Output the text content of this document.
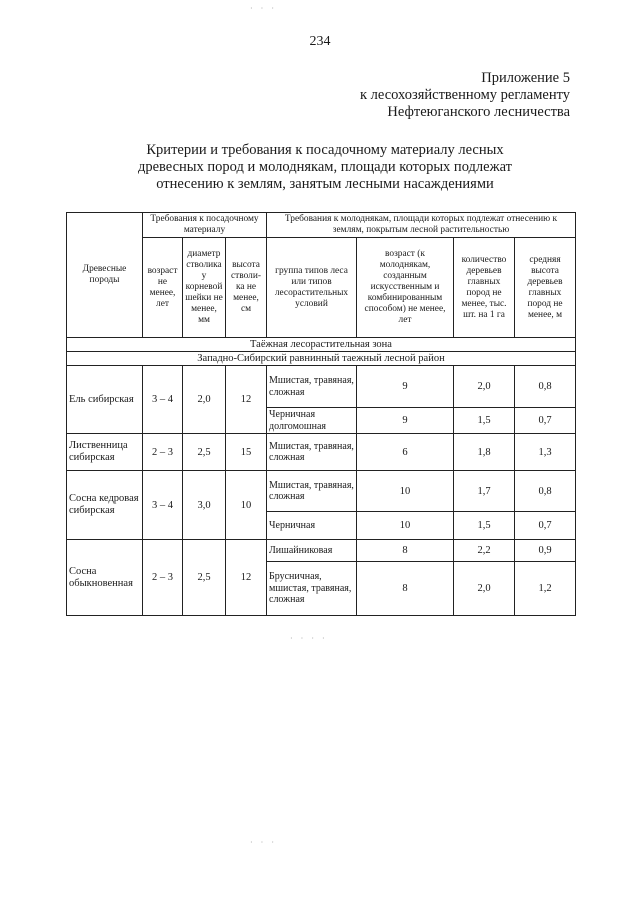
234
Приложение 5
к лесохозяйственному регламенту
Нефтеюганского лесничества
Критерии и требования к посадочному материалу лесных
древесных пород и молоднякам, площади которых подлежат
отнесению к землям, занятым лесными насаждениями
Древесные породы	Требования к посадочному материалу			Требования к молоднякам, площади которых подлежат отнесению к землям, покрытым лесной растительностью			
	возраст не менее, лет	диаметр стволика у корневой шейки не менее, мм	высота стволи-ка не менее, см	группа типов леса или типов лесорастительных условий	возраст (к молоднякам, созданным искусственным и комбинированным способом) не менее, лет	количество деревьев главных пород не менее, тыс. шт. на 1 га	средняя высота деревьев главных пород не менее, м
Таёжная лесорастительная зона							
Западно-Сибирский равнинный таежный лесной район							
Ель сибирская	3 – 4	2,0	12	Мшистая, травяная, сложная	9	2,0	0,8
				Черничная долгомошная	9	1,5	0,7
Лиственница сибирская	2 – 3	2,5	15	Мшистая, травяная, сложная	6	1,8	1,3
Сосна кедровая сибирская	3 – 4	3,0	10	Мшистая, травяная, сложная	10	1,7	0,8
				Черничная	10	1,5	0,7
Сосна обыкновенная	2 – 3	2,5	12	Лишайниковая	8	2,2	0,9
				Брусничная, мшистая, травяная, сложная	8	2,0	1,2
· · ·
· · · ·
· · ·
